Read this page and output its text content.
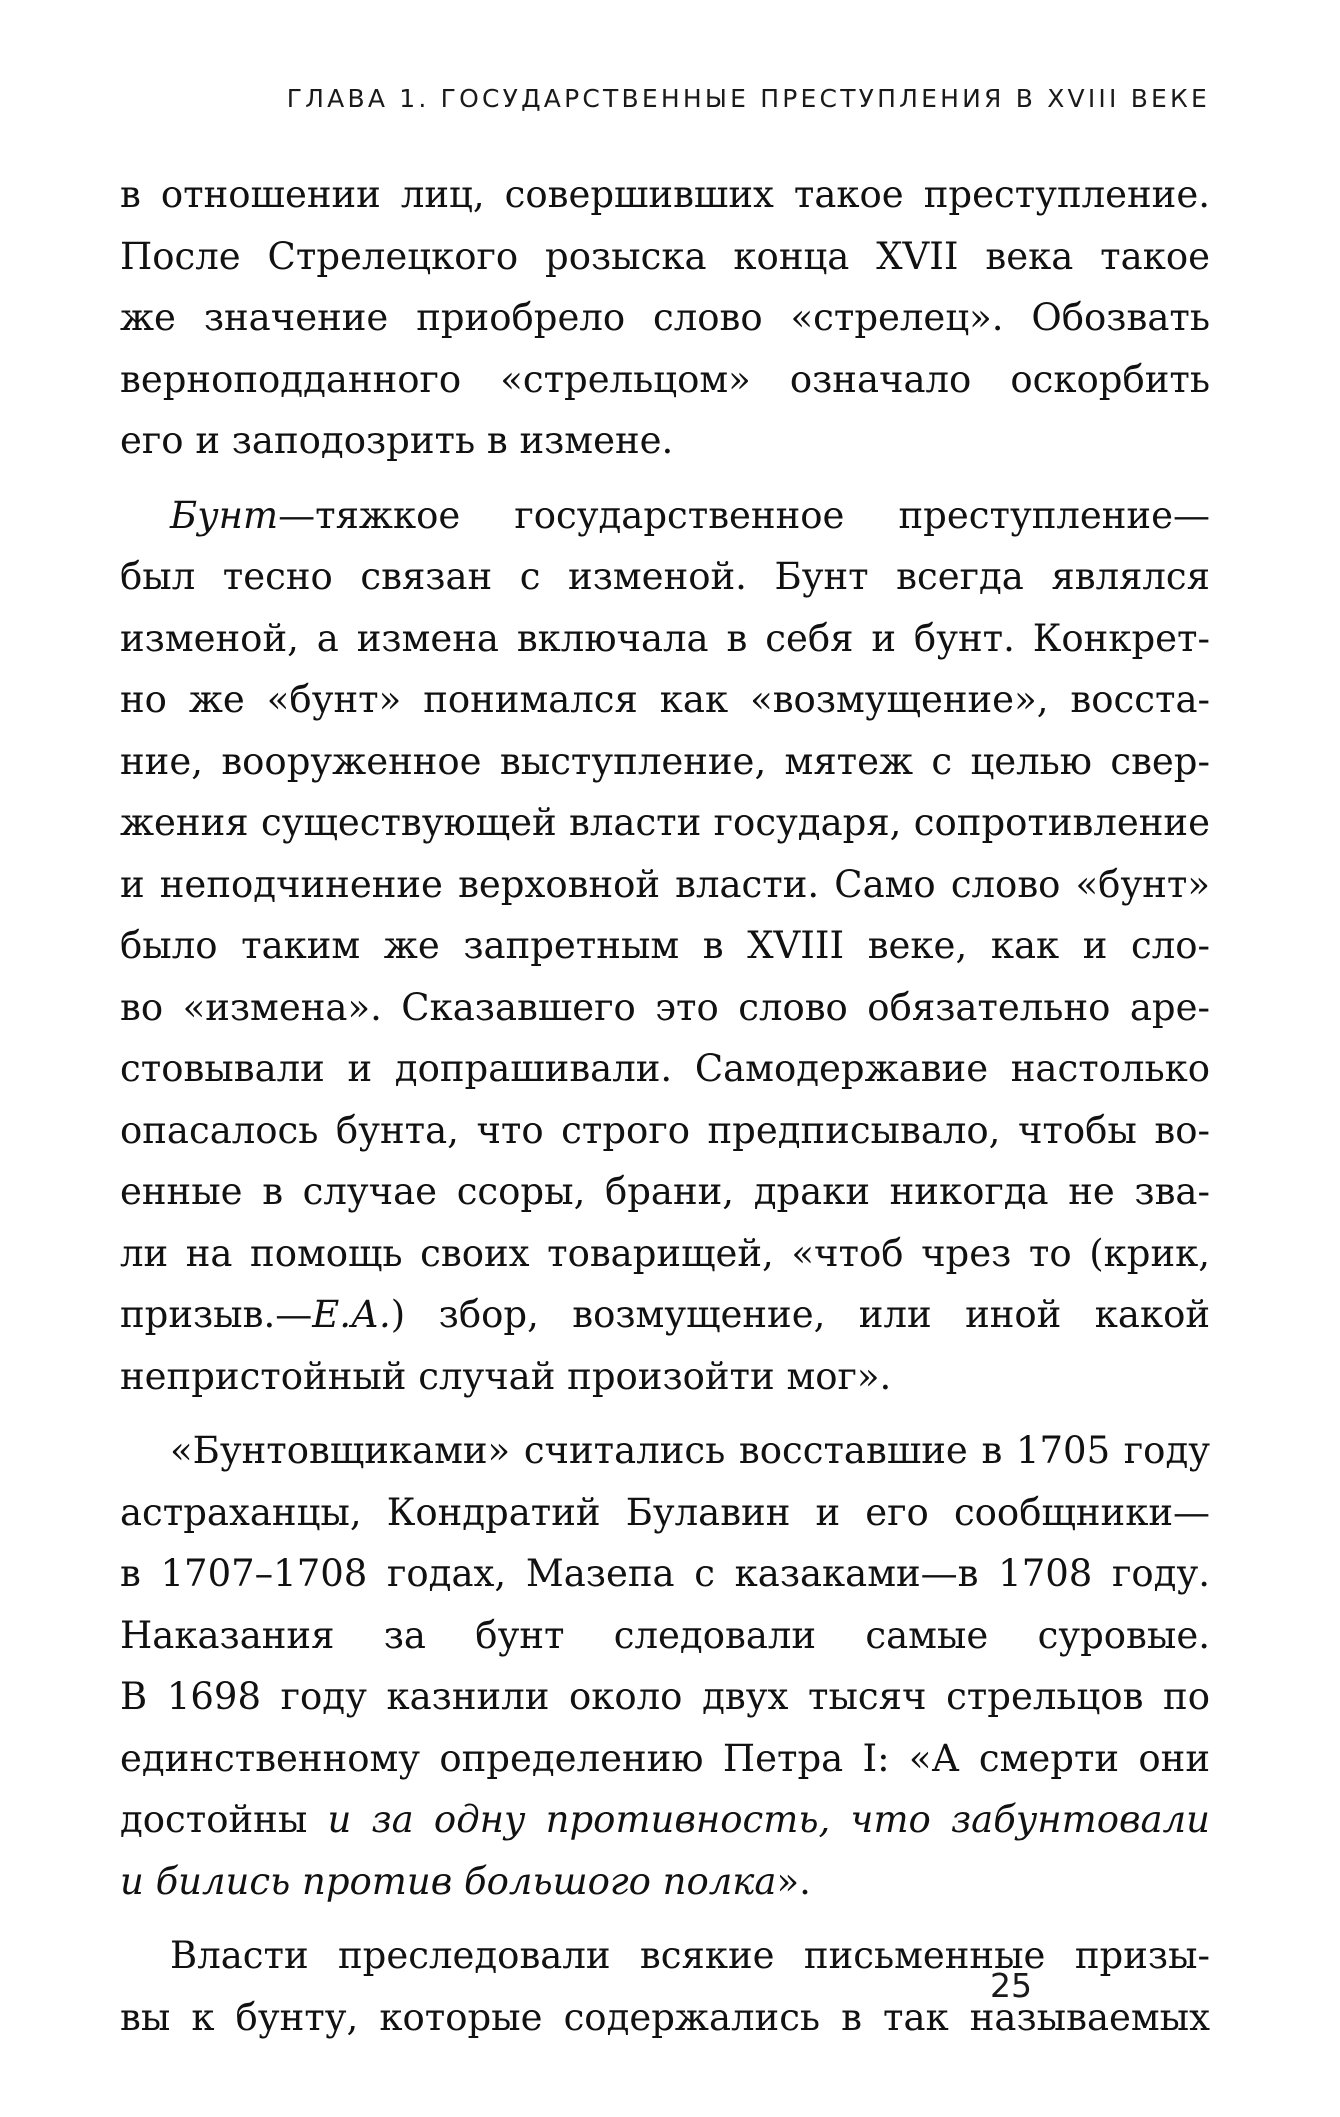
ГЛАВА 1. ГОСУДАРСТВЕННЫЕ ПРЕСТУПЛЕНИЯ В XVIII ВЕКЕ

в отношении лиц, совершивших такое преступление.
После Стрелецкого розыска конца XVII века такое
же значение приобрело слово «стрелец». Обозвать
верноподданного «стрельцом» означало оскорбить
его и заподозрить в измене.

Бунт—тяжкое государственное преступление—
был тесно связан с изменой. Бунт всегда являлся
изменой, а измена включала в себя и бунт. Конкрет-
но же «бунт» понимался как «возмущение», восста-
ние, вооруженное выступление, мятеж с целью свер-
жения существующей власти государя, сопротивление
и неподчинение верховной власти. Само слово «бунт»
было таким же запретным в XVIII веке, как и сло-
во «измена». Сказавшего это слово обязательно аре-
стовывали и допрашивали. Самодержавие настолько
опасалось бунта, что строго предписывало, чтобы во-
енные в случае ссоры, брани, драки никогда не зва-
ли на помощь своих товарищей, «чтоб чрез то (крик,
призыв.—Е.А.) збор, возмущение, или иной какой
непристойный случай произойти мог».

«Бунтовщиками» считались восставшие в 1705 году
астраханцы, Кондратий Булавин и его сообщники—
в 1707–1708 годах, Мазепа с казаками—в 1708 году.
Наказания за бунт следовали самые суровые.
В 1698 году казнили около двух тысяч стрельцов по
единственному определению Петра I: «А смерти они
достойны и за одну противность, что забунтовали
и бились против большого полка».

Власти преследовали всякие письменные призы-
вы к бунту, которые содержались в так называемых

25
